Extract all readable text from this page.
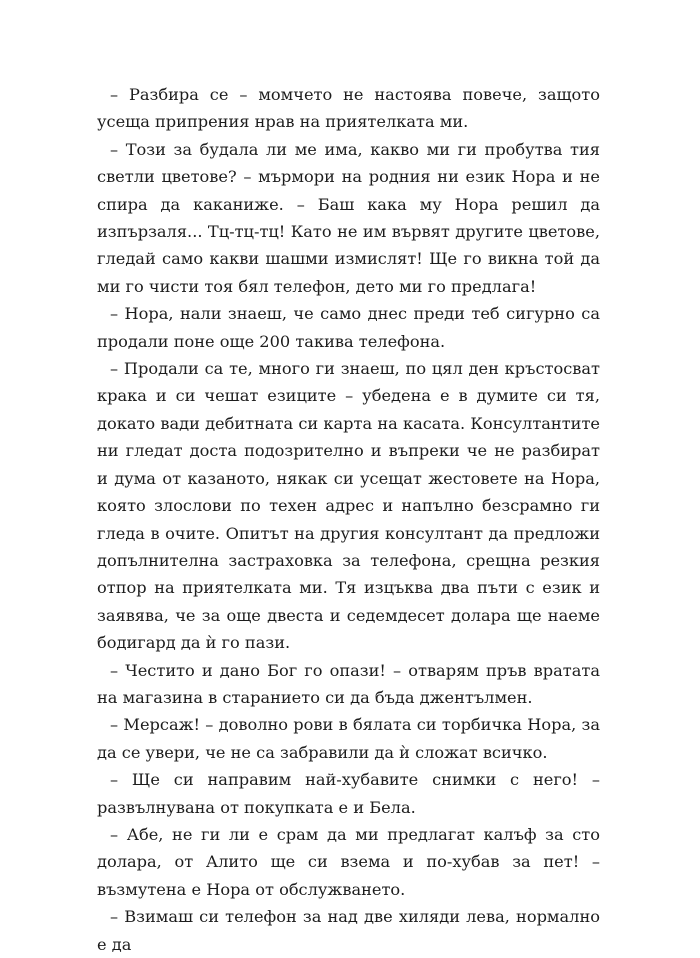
– Разбира се – момчето не настоява повече, защото усеща припрения нрав на приятелката ми.

– Този за будала ли ме има, какво ми ги пробутва тия светли цветове? – мърмори на родния ни език Нора и не спира да каканиже. – Баш кака му Нора решил да изпързаля... Тц-тц-тц! Като не им вървят другите цветове, гледай само какви шашми измислят! Ще го викна той да ми го чисти тоя бял телефон, дето ми го предлага!

– Нора, нали знаеш, че само днес преди теб сигурно са продали поне още 200 такива телефона.

– Продали са те, много ги знаеш, по цял ден кръстосват крака и си чешат езиците – убедена е в думите си тя, докато вади дебитната си карта на касата. Консултантите ни гледат доста подозрително и въпреки че не разбират и дума от казаното, някак си усещат жестовете на Нора, която злослови по техен адрес и напълно безсрамно ги гледа в очите. Опитът на другия консултант да предложи допълнителна застраховка за телефона, срещна резкия отпор на приятелката ми. Тя изцъква два пъти с език и заявява, че за още двеста и седемдесет долара ще наеме бодигард да ѝ го пази.

– Честито и дано Бог го опази! – отварям пръв вратата на магазина в старанието си да бъда джентълмен.

– Мерсаж! – доволно рови в бялата си торбичка Нора, за да се увери, че не са забравили да ѝ сложат всичко.

– Ще си направим най-хубавите снимки с него! – развълнувана от покупката е и Бела.

– Абе, не ги ли е срам да ми предлагат калъф за сто долара, от Алито ще си взема и по-хубав за пет! – възмутена е Нора от обслужването.

– Взимаш си телефон за над две хиляди лева, нормално е да
